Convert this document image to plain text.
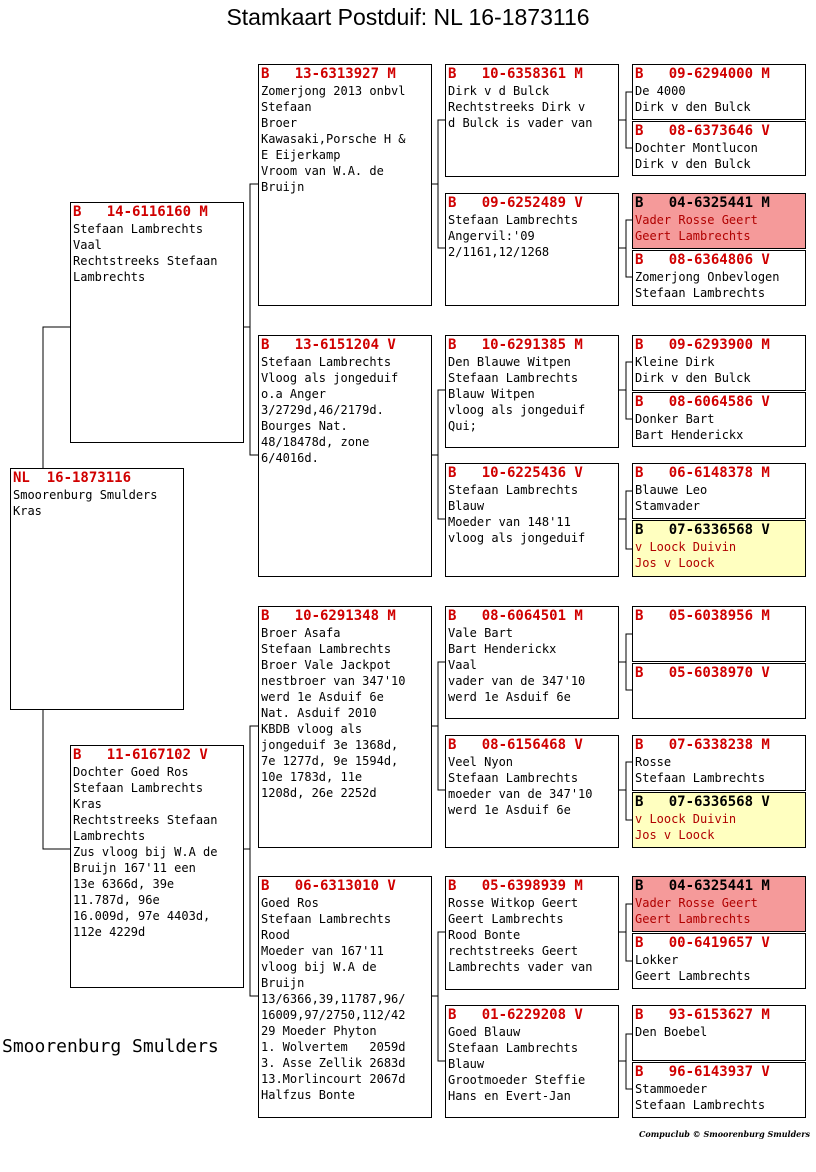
Stamkaart Postduif: NL 16-1873116
NL  16-1873116
Smoorenburg Smulders
Kras
B   14-6116160 M
Stefaan Lambrechts
Vaal
Rechtstreeks Stefaan
Lambrechts
B   11-6167102 V
Dochter Goed Ros
Stefaan Lambrechts
Kras
Rechtstreeks Stefaan
Lambrechts
Zus vloog bij W.A de
Bruijn 167'11 een
13e 6366d, 39e
11.787d, 96e
16.009d, 97e 4403d,
112e 4229d
B   13-6313927 M
Zomerjong 2013 onbvl
Stefaan
Broer
Kawasaki,Porsche H &
E Eijerkamp
Vroom van W.A. de
Bruijn
B   13-6151204 V
Stefaan Lambrechts
Vloog als jongeduif
o.a Anger
3/2729d,46/2179d.
Bourges Nat.
48/18478d, zone
6/4016d.
B   10-6291348 M
Broer Asafa
Stefaan Lambrechts
Broer Vale Jackpot
nestbroer van 347'10
werd 1e Asduif 6e
Nat. Asduif 2010
KBDB vloog als
jongeduif 3e 1368d,
7e 1277d, 9e 1594d,
10e 1783d, 11e
1208d, 26e 2252d
B   06-6313010 V
Goed Ros
Stefaan Lambrechts
Rood
Moeder van 167'11
vloog bij W.A de
Bruijn
13/6366,39,11787,96/
16009,97/2750,112/42
29 Moeder Phyton
1. Wolvertem   2059d
3. Asse Zellik 2683d
13.Morlincourt 2067d
Halfzus Bonte
B   10-6358361 M
Dirk v d Bulck
Rechtstreeks Dirk v
d Bulck is vader van
B   09-6252489 V
Stefaan Lambrechts
Angervil:'09
2/1161,12/1268
B   10-6291385 M
Den Blauwe Witpen
Stefaan Lambrechts
Blauw Witpen
vloog als jongeduif
Qui;
B   10-6225436 V
Stefaan Lambrechts
Blauw
Moeder van 148'11
vloog als jongeduif
B   08-6064501 M
Vale Bart
Bart Henderickx
Vaal
vader van de 347'10
werd 1e Asduif 6e
B   08-6156468 V
Veel Nyon
Stefaan Lambrechts
moeder van de 347'10
werd 1e Asduif 6e
B   05-6398939 M
Rosse Witkop Geert
Geert Lambrechts
Rood Bonte
rechtstreeks Geert
Lambrechts vader van
B   01-6229208 V
Goed Blauw
Stefaan Lambrechts
Blauw
Grootmoeder Steffie
Hans en Evert-Jan
B   09-6294000 M
De 4000
Dirk v den Bulck
B   08-6373646 V
Dochter Montlucon
Dirk v den Bulck
B   04-6325441 M
Vader Rosse Geert
Geert Lambrechts
B   08-6364806 V
Zomerjong Onbevlogen
Stefaan Lambrechts
B   09-6293900 M
Kleine Dirk
Dirk v den Bulck
B   08-6064586 V
Donker Bart
Bart Henderickx
B   06-6148378 M
Blauwe Leo
Stamvader
B   07-6336568 V
v Loock Duivin
Jos v Loock
B   05-6038956 M
B   05-6038970 V
B   07-6338238 M
Rosse
Stefaan Lambrechts
B   07-6336568 V
v Loock Duivin
Jos v Loock
B   04-6325441 M
Vader Rosse Geert
Geert Lambrechts
B   00-6419657 V
Lokker
Geert Lambrechts
B   93-6153627 M
Den Boebel
B   96-6143937 V
Stammoeder
Stefaan Lambrechts
Smoorenburg Smulders
Compuclub © Smoorenburg Smulders
